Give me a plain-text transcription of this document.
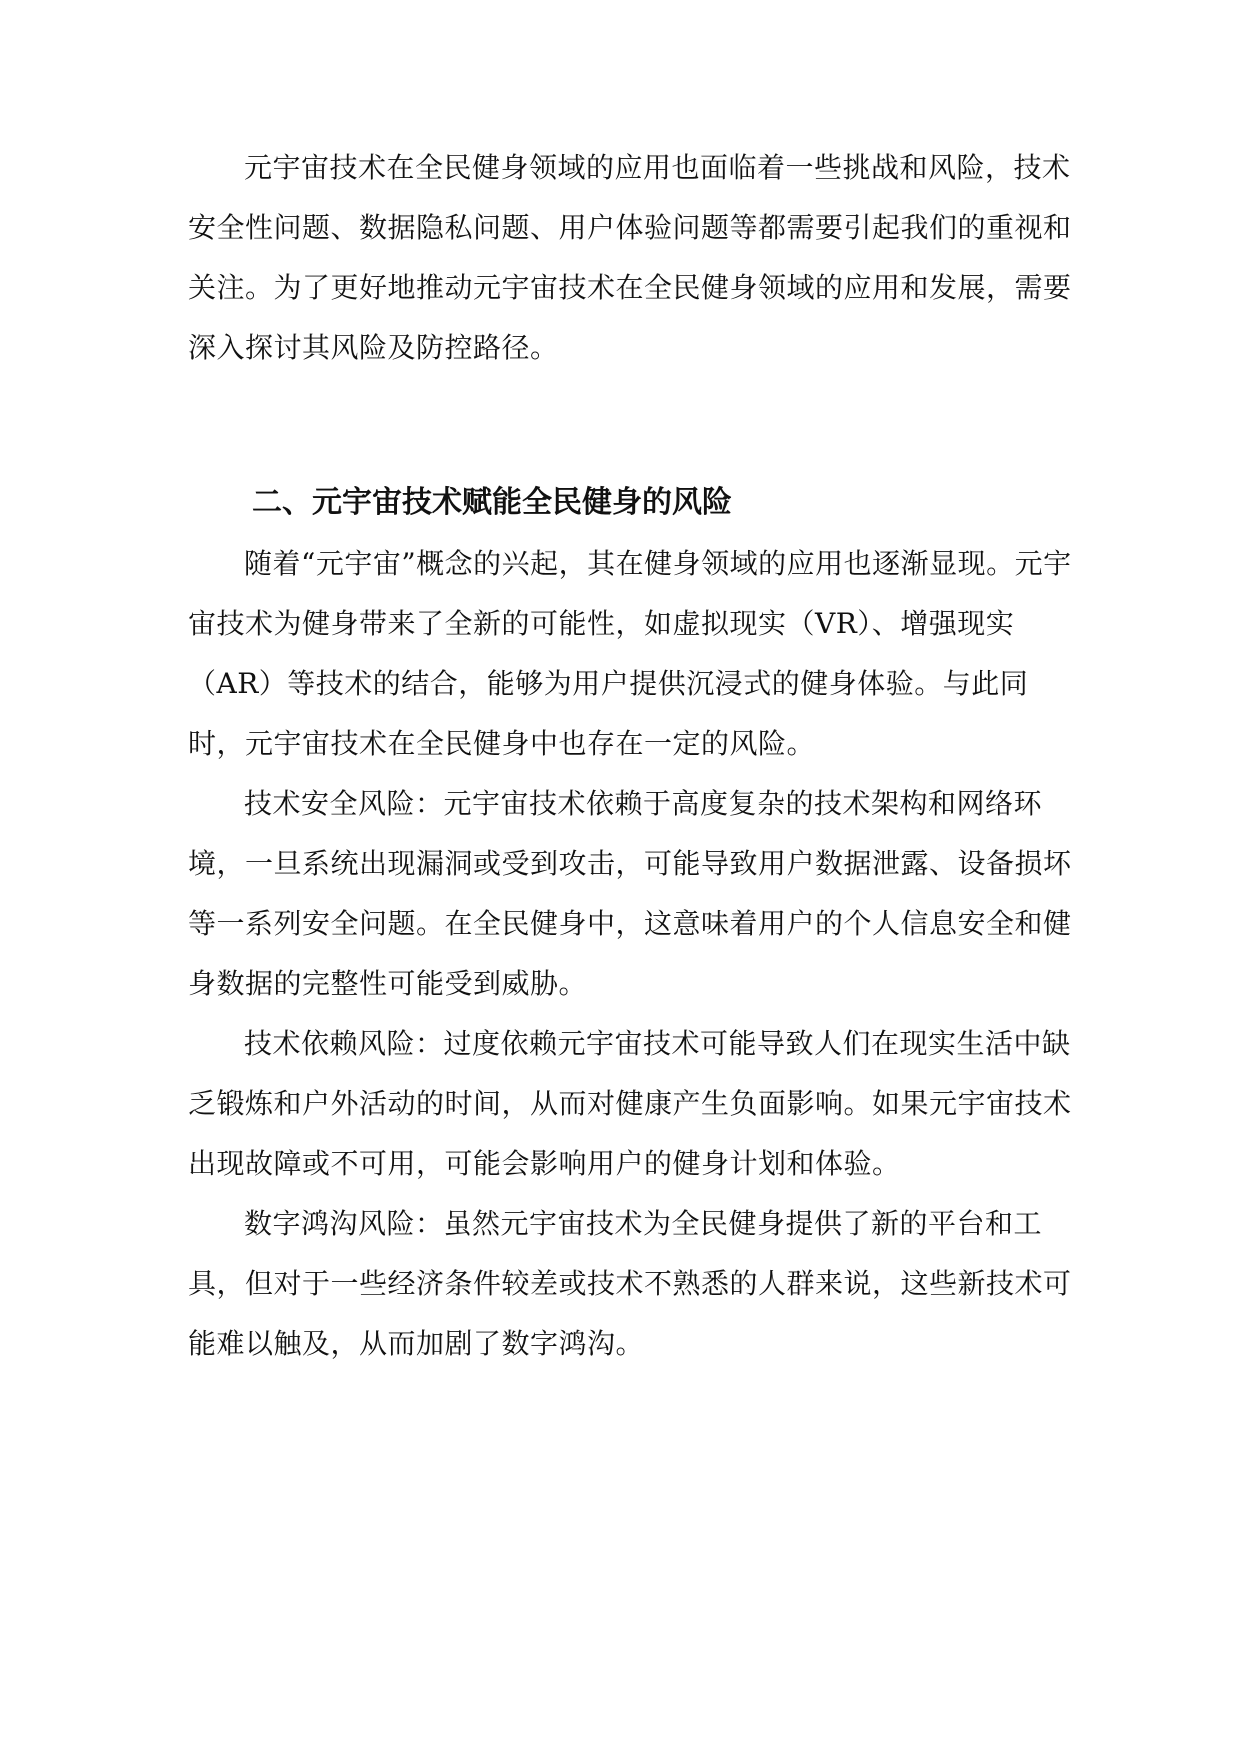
元宇宙技术在全民健身领域的应用也面临着一些挑战和风险，技术安全性问题、数据隐私问题、用户体验问题等都需要引起我们的重视和关注。为了更好地推动元宇宙技术在全民健身领域的应用和发展，需要深入探讨其风险及防控路径。

二、元宇宙技术赋能全民健身的风险

随着“元宇宙”概念的兴起，其在健身领域的应用也逐渐显现。元宇宙技术为健身带来了全新的可能性，如虚拟现实（VR）、增强现实（AR）等技术的结合，能够为用户提供沉浸式的健身体验。与此同时，元宇宙技术在全民健身中也存在一定的风险。

技术安全风险：元宇宙技术依赖于高度复杂的技术架构和网络环境，一旦系统出现漏洞或受到攻击，可能导致用户数据泄露、设备损坏等一系列安全问题。在全民健身中，这意味着用户的个人信息安全和健身数据的完整性可能受到威胁。

技术依赖风险：过度依赖元宇宙技术可能导致人们在现实生活中缺乏锻炼和户外活动的时间，从而对健康产生负面影响。如果元宇宙技术出现故障或不可用，可能会影响用户的健身计划和体验。

数字鸿沟风险：虽然元宇宙技术为全民健身提供了新的平台和工具，但对于一些经济条件较差或技术不熟悉的人群来说，这些新技术可能难以触及，从而加剧了数字鸿沟。
